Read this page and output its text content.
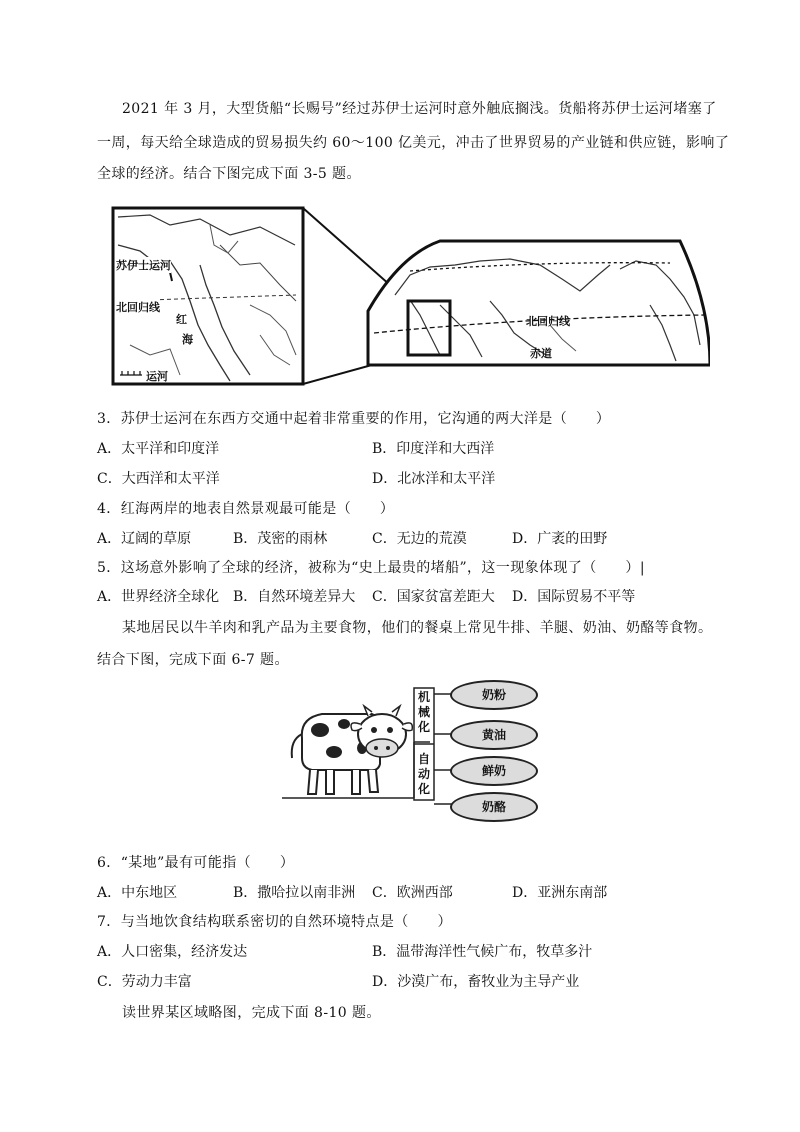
2021 年 3 月，大型货船“长赐号”经过苏伊士运河时意外触底搁浅。货船将苏伊士运河堵塞了
一周，每天给全球造成的贸易损失约 60～100 亿美元，冲击了世界贸易的产业链和供应链，影响了
全球的经济。结合下图完成下面 3-5 题。
苏伊士运河
北回归线
红
海
运河
北回归线
赤道
3．苏伊士运河在东西方交通中起着非常重要的作用，它沟通的两大洋是（　　）
A．太平洋和印度洋	B．印度洋和大西洋
C．大西洋和太平洋	D．北冰洋和太平洋
4．红海两岸的地表自然景观最可能是（　　）
A．辽阔的草原	B．茂密的雨林	C．无边的荒漠	D．广袤的田野
5．这场意外影响了全球的经济，被称为“史上最贵的堵船”，这一现象体现了（　　）|
A．世界经济全球化 B．自然环境差异大 C．国家贫富差距大 D．国际贸易不平等
某地居民以牛羊肉和乳产品为主要食物，他们的餐桌上常见牛排、羊腿、奶油、奶酪等食物。
结合下图，完成下面 6-7 题。
机械化
自动化
奶粉
黄油
鲜奶
奶酪
6．“某地”最有可能指（　　）
A．中东地区	B．撒哈拉以南非洲 C．欧洲西部	D．亚洲东南部
7．与当地饮食结构联系密切的自然环境特点是（　　）
A．人口密集，经济发达	B．温带海洋性气候广布，牧草多汁
C．劳动力丰富	D．沙漠广布，畜牧业为主导产业
读世界某区域略图，完成下面 8-10 题。
